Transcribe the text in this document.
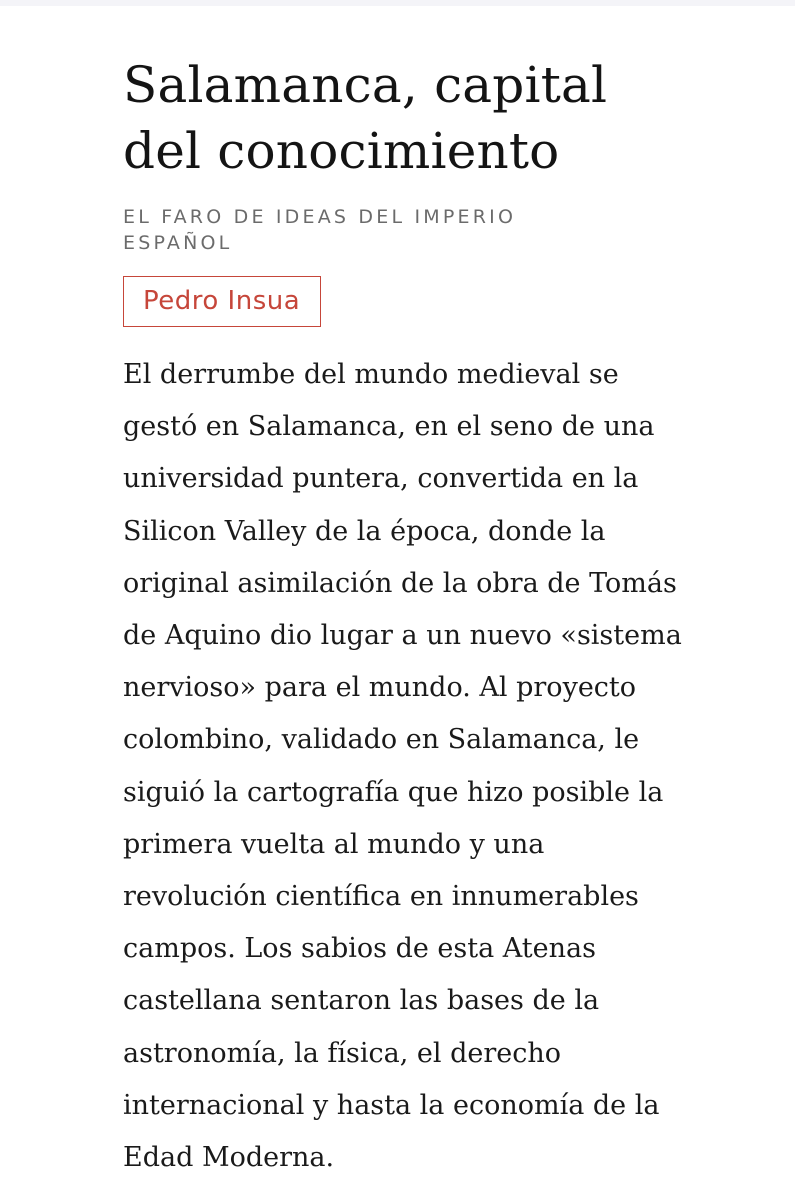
Salamanca, capital del conocimiento
EL FARO DE IDEAS DEL IMPERIO ESPAÑOL
Pedro Insua

El derrumbe del mundo medieval se gestó en Salamanca, en el seno de una universidad puntera, convertida en la Silicon Valley de la época, donde la original asimilación de la obra de Tomás de Aquino dio lugar a un nuevo «sistema nervioso» para el mundo. Al proyecto colombino, validado en Salamanca, le siguió la cartografía que hizo posible la primera vuelta al mundo y una revolución científica en innumerables campos. Los sabios de esta Atenas castellana sentaron las bases de la astronomía, la física, el derecho internacional y hasta la economía de la Edad Moderna.
